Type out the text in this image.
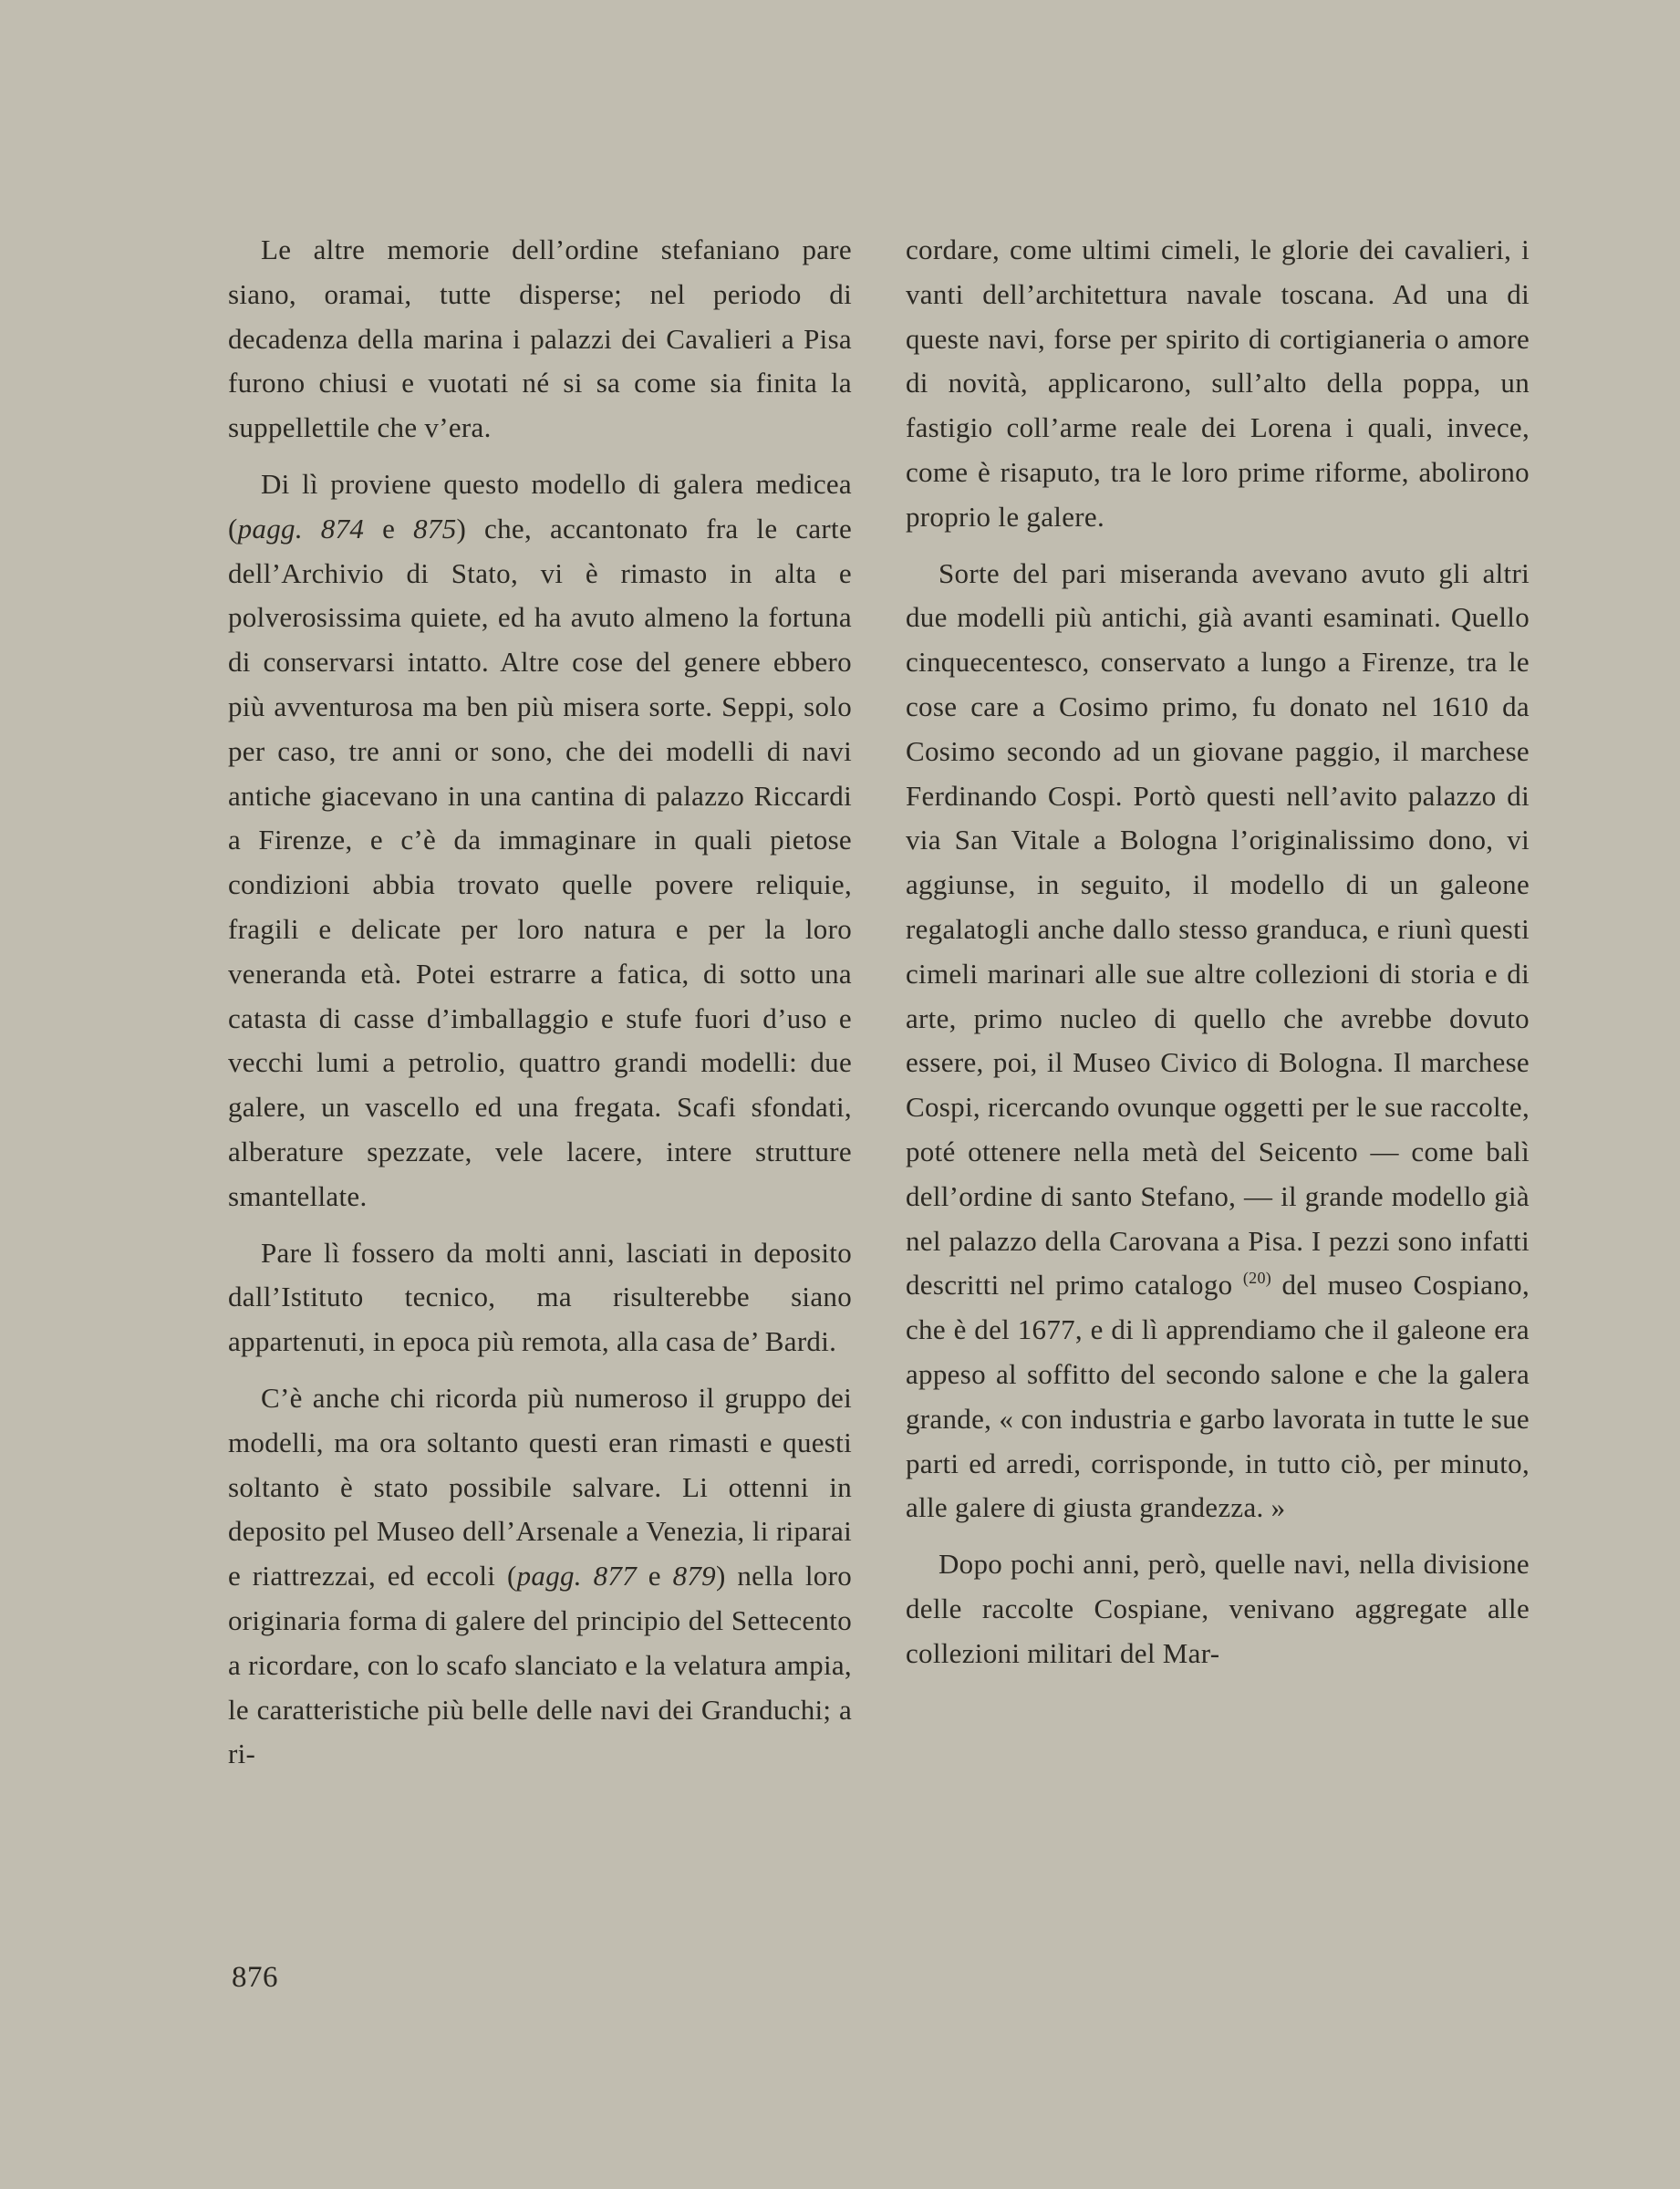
Le altre memorie dell’ordine stefaniano pare siano, oramai, tutte disperse; nel periodo di decadenza della marina i palazzi dei Cavalieri a Pisa furono chiusi e vuotati né si sa come sia finita la suppellettile che v’era.

Di lì proviene questo modello di galera medicea (pagg. 874 e 875) che, accantonato fra le carte dell’Archivio di Stato, vi è rimasto in alta e polverosissima quiete, ed ha avuto almeno la fortuna di conservarsi intatto. Altre cose del genere ebbero più avventurosa ma ben più misera sorte. Seppi, solo per caso, tre anni or sono, che dei modelli di navi antiche giacevano in una cantina di palazzo Riccardi a Firenze, e c’è da immaginare in quali pietose condizioni abbia trovato quelle povere reliquie, fragili e delicate per loro natura e per la loro veneranda età. Potei estrarre a fatica, di sotto una catasta di casse d’imballaggio e stufe fuori d’uso e vecchi lumi a petrolio, quattro grandi modelli: due galere, un vascello ed una fregata. Scafi sfondati, alberature spezzate, vele lacere, intere strutture smantellate.

Pare lì fossero da molti anni, lasciati in deposito dall’Istituto tecnico, ma risulterebbe siano appartenuti, in epoca più remota, alla casa de’ Bardi.

C’è anche chi ricorda più numeroso il gruppo dei modelli, ma ora soltanto questi eran rimasti e questi soltanto è stato possibile salvare. Li ottenni in deposito pel Museo dell’Arsenale a Venezia, li riparai e riattrezzai, ed eccoli (pagg. 877 e 879) nella loro originaria forma di galere del principio del Settecento a ricordare, con lo scafo slanciato e la velatura ampia, le caratteristiche più belle delle navi dei Granduchi; a ri-

cordare, come ultimi cimeli, le glorie dei cavalieri, i vanti dell’architettura navale toscana. Ad una di queste navi, forse per spirito di cortigianeria o amore di novità, applicarono, sull’alto della poppa, un fastigio coll’arme reale dei Lorena i quali, invece, come è risaputo, tra le loro prime riforme, abolirono proprio le galere.

Sorte del pari miseranda avevano avuto gli altri due modelli più antichi, già avanti esaminati. Quello cinquecentesco, conservato a lungo a Firenze, tra le cose care a Cosimo primo, fu donato nel 1610 da Cosimo secondo ad un giovane paggio, il marchese Ferdinando Cospi. Portò questi nell’avito palazzo di via San Vitale a Bologna l’originalissimo dono, vi aggiunse, in seguito, il modello di un galeone regalatogli anche dallo stesso granduca, e riunì questi cimeli marinari alle sue altre collezioni di storia e di arte, primo nucleo di quello che avrebbe dovuto essere, poi, il Museo Civico di Bologna. Il marchese Cospi, ricercando ovunque oggetti per le sue raccolte, poté ottenere nella metà del Seicento — come balì dell’ordine di santo Stefano, — il grande modello già nel palazzo della Carovana a Pisa. I pezzi sono infatti descritti nel primo catalogo $^{(20)}$ del museo Cospiano, che è del 1677, e di lì apprendiamo che il galeone era appeso al soffitto del secondo salone e che la galera grande, « con industria e garbo lavorata in tutte le sue parti ed arredi, corrisponde, in tutto ciò, per minuto, alle galere di giusta grandezza. »

Dopo pochi anni, però, quelle navi, nella divisione delle raccolte Cospiane, venivano aggregate alle collezioni militari del Mar-

876
